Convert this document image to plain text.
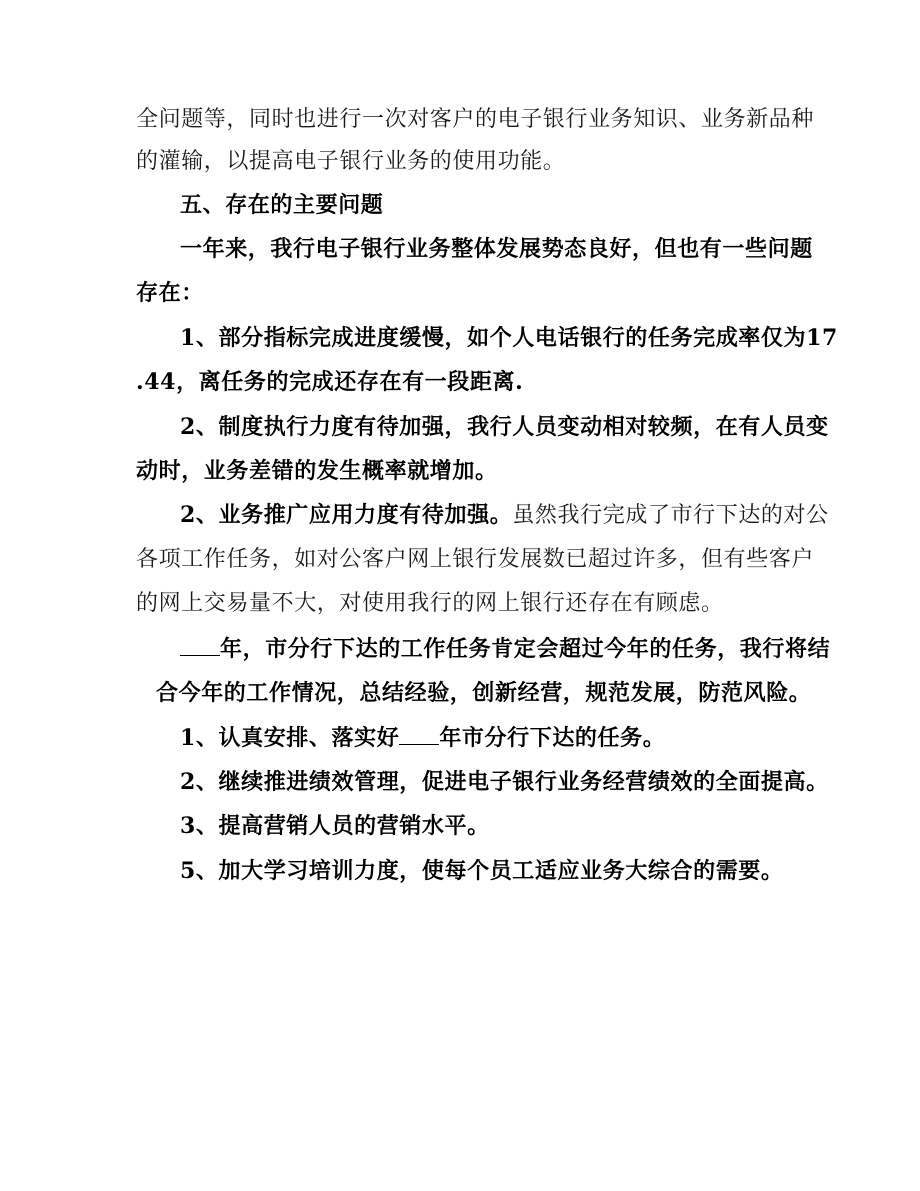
全问题等，同时也进行一次对客户的电子银行业务知识、业务新品种
的灌输，以提高电子银行业务的使用功能。
五、存在的主要问题
一年来，我行电子银行业务整体发展势态良好，但也有一些问题
存在：
1、部分指标完成进度缓慢，如个人电话银行的任务完成率仅为17
.44，离任务的完成还存在有一段距离.
2、制度执行力度有待加强，我行人员变动相对较频，在有人员变
动时，业务差错的发生概率就增加。
2、业务推广应用力度有待加强。虽然我行完成了市行下达的对公
各项工作任务，如对公客户网上银行发展数已超过许多，但有些客户
的网上交易量不大，对使用我行的网上银行还存在有顾虑。
年，市分行下达的工作任务肯定会超过今年的任务，我行将结
合今年的工作情况，总结经验，创新经营，规范发展，防范风险。
1、认真安排、落实好 年市分行下达的任务。
2、继续推进绩效管理，促进电子银行业务经营绩效的全面提高。
3、提高营销人员的营销水平。
5、加大学习培训力度，使每个员工适应业务大综合的需要。
